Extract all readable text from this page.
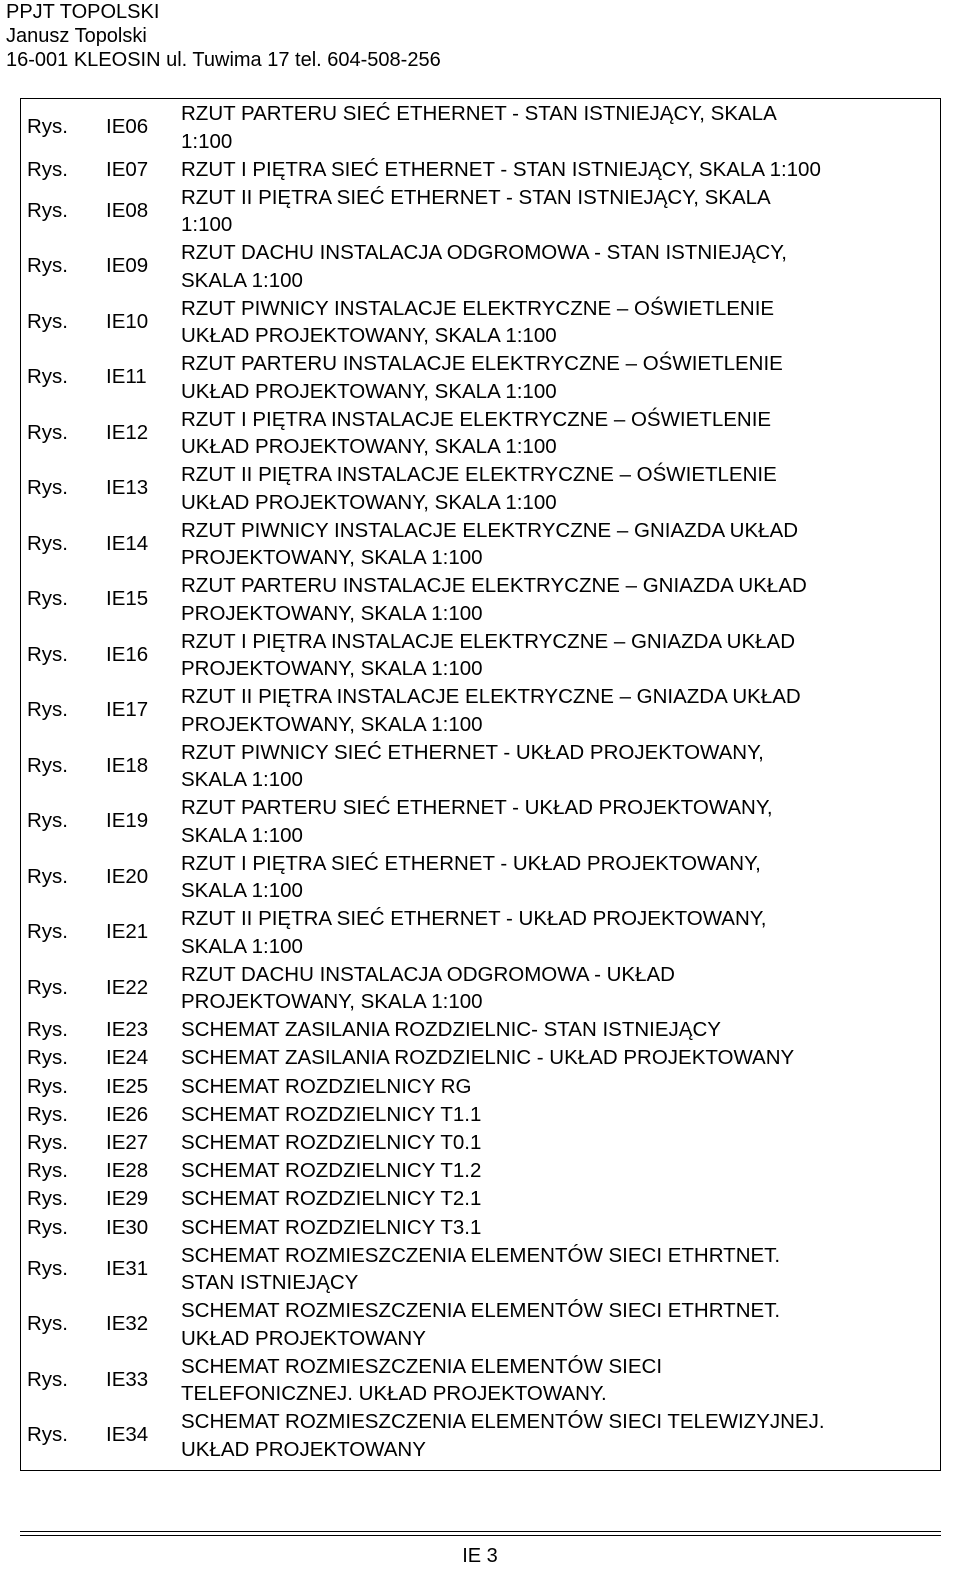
PPJT TOPOLSKI
Janusz Topolski
16-001 KLEOSIN ul. Tuwima 17 tel. 604-508-256
Rys. IE06
RZUT PARTERU SIEĆ ETHERNET - STAN ISTNIEJĄCY, SKALA
1:100
Rys. IE07 RZUT I PIĘTRA SIEĆ ETHERNET - STAN ISTNIEJĄCY, SKALA 1:100
Rys. IE08
RZUT II PIĘTRA SIEĆ ETHERNET - STAN ISTNIEJĄCY, SKALA
1:100
Rys. IE09
RZUT DACHU INSTALACJA ODGROMOWA - STAN ISTNIEJĄCY,
SKALA 1:100
Rys. IE10
RZUT PIWNICY INSTALACJE ELEKTRYCZNE – OŚWIETLENIE
UKŁAD PROJEKTOWANY, SKALA 1:100
Rys. IE11
RZUT PARTERU INSTALACJE ELEKTRYCZNE – OŚWIETLENIE
UKŁAD PROJEKTOWANY, SKALA 1:100
Rys. IE12
RZUT I PIĘTRA INSTALACJE ELEKTRYCZNE – OŚWIETLENIE
UKŁAD PROJEKTOWANY, SKALA 1:100
Rys. IE13
RZUT II PIĘTRA INSTALACJE ELEKTRYCZNE – OŚWIETLENIE
UKŁAD PROJEKTOWANY, SKALA 1:100
Rys. IE14
RZUT PIWNICY INSTALACJE ELEKTRYCZNE – GNIAZDA UKŁAD
PROJEKTOWANY, SKALA 1:100
Rys. IE15
RZUT PARTERU INSTALACJE ELEKTRYCZNE – GNIAZDA UKŁAD
PROJEKTOWANY, SKALA 1:100
Rys. IE16
RZUT I PIĘTRA INSTALACJE ELEKTRYCZNE – GNIAZDA UKŁAD
PROJEKTOWANY, SKALA 1:100
Rys. IE17
RZUT II PIĘTRA INSTALACJE ELEKTRYCZNE – GNIAZDA UKŁAD
PROJEKTOWANY, SKALA 1:100
Rys. IE18
RZUT PIWNICY SIEĆ ETHERNET - UKŁAD PROJEKTOWANY,
SKALA 1:100
Rys. IE19
RZUT PARTERU SIEĆ ETHERNET - UKŁAD PROJEKTOWANY,
SKALA 1:100
Rys. IE20
RZUT I PIĘTRA SIEĆ ETHERNET - UKŁAD PROJEKTOWANY,
SKALA 1:100
Rys. IE21
RZUT II PIĘTRA SIEĆ ETHERNET - UKŁAD PROJEKTOWANY,
SKALA 1:100
Rys. IE22
RZUT DACHU INSTALACJA ODGROMOWA - UKŁAD
PROJEKTOWANY, SKALA 1:100
Rys. IE23 SCHEMAT ZASILANIA ROZDZIELNIC- STAN ISTNIEJĄCY
Rys. IE24 SCHEMAT ZASILANIA ROZDZIELNIC - UKŁAD PROJEKTOWANY
Rys. IE25 SCHEMAT ROZDZIELNICY RG
Rys. IE26 SCHEMAT ROZDZIELNICY T1.1
Rys. IE27 SCHEMAT ROZDZIELNICY T0.1
Rys. IE28 SCHEMAT ROZDZIELNICY T1.2
Rys. IE29 SCHEMAT ROZDZIELNICY T2.1
Rys. IE30 SCHEMAT ROZDZIELNICY T3.1
Rys. IE31
SCHEMAT ROZMIESZCZENIA ELEMENTÓW SIECI ETHRTNET.
STAN ISTNIEJĄCY
Rys. IE32
SCHEMAT ROZMIESZCZENIA ELEMENTÓW SIECI ETHRTNET.
UKŁAD PROJEKTOWANY
Rys. IE33
SCHEMAT ROZMIESZCZENIA ELEMENTÓW SIECI
TELEFONICZNEJ. UKŁAD PROJEKTOWANY.
Rys. IE34
SCHEMAT ROZMIESZCZENIA ELEMENTÓW SIECI TELEWIZYJNEJ.
UKŁAD PROJEKTOWANY
IE 3
